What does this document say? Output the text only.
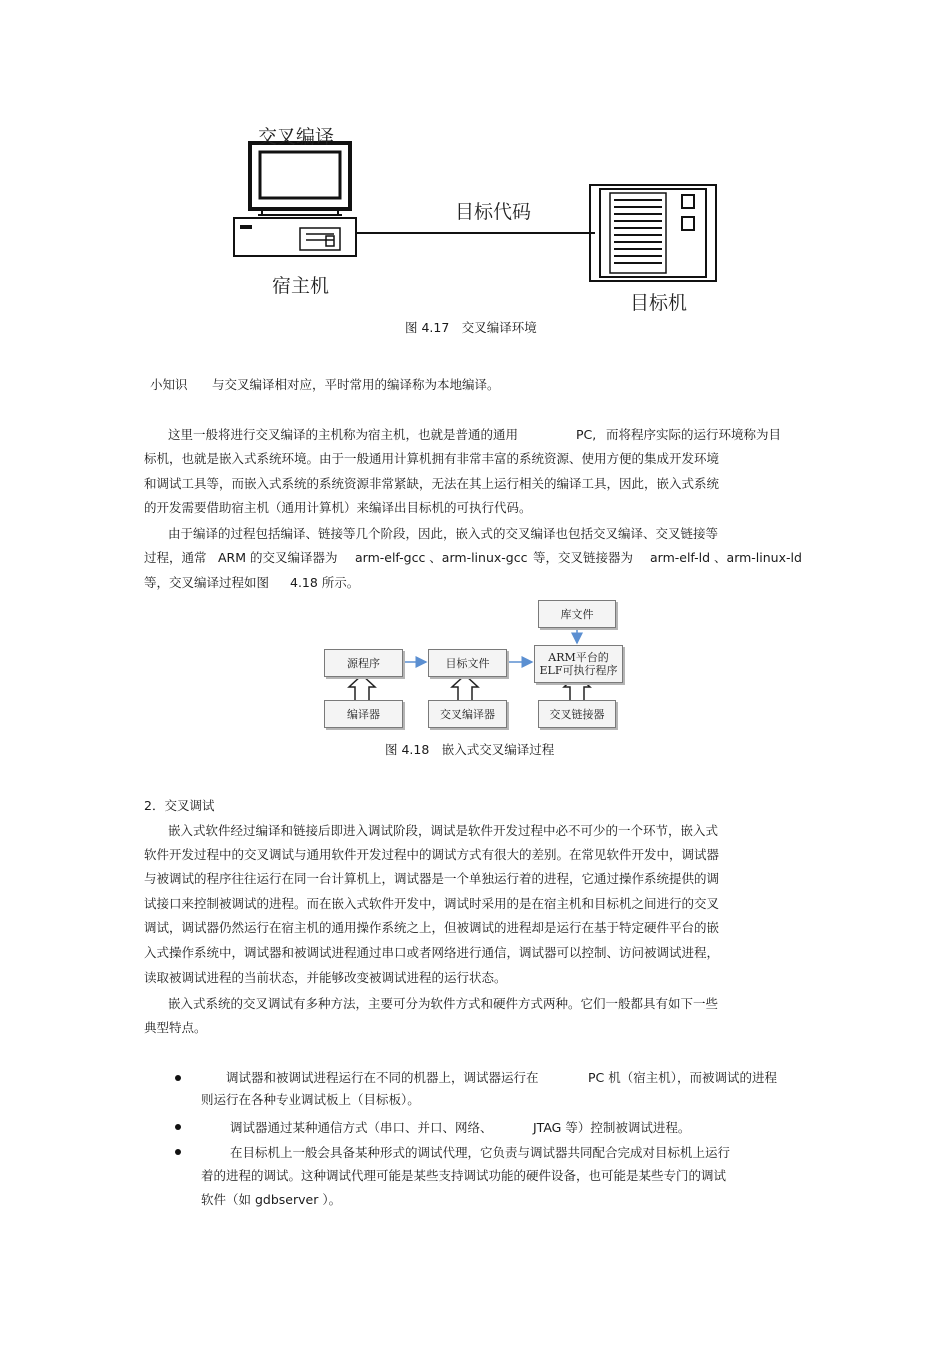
交叉编译
目标代码
宿主机
目标机
图 4.17　交叉编译环境
小知识 与交叉编译相对应，平时常用的编译称为本地编译。
这里一般将进行交叉编译的主机称为宿主机，也就是普通的通用	PC, 而将程序实际的运行环境称为目
标机，也就是嵌入式系统环境。由于一般通用计算机拥有非常丰富的系统资源、使用方便的集成开发环境
和调试工具等，而嵌入式系统的系统资源非常紧缺，无法在其上运行相关的编译工具，因此，嵌入式系统
的开发需要借助宿主机（通用计算机）来编译出目标机的可执行代码。
由于编译的过程包括编译、链接等几个阶段，因此，嵌入式的交叉编译也包括交叉编译、交叉链接等
过程，通常 ARM 的交叉编译器为 arm-elf-gcc 、arm-linux-gcc 等，交叉链接器为 arm-elf-ld 、arm-linux-ld
等，交叉编译过程如图 4.18 所示。
库文件
源程序	目标文件	ARM平台的
ELF可执行程序
编译器	交叉编译器	交叉链接器
图 4.18　嵌入式交叉编译过程
2．交叉调试
嵌入式软件经过编译和链接后即进入调试阶段，调试是软件开发过程中必不可少的一个环节，嵌入式
软件开发过程中的交叉调试与通用软件开发过程中的调试方式有很大的差别。在常见软件开发中，调试器
与被调试的程序往往运行在同一台计算机上，调试器是一个单独运行着的进程，它通过操作系统提供的调
试接口来控制被调试的进程。而在嵌入式软件开发中，调试时采用的是在宿主机和目标机之间进行的交叉
调试，调试器仍然运行在宿主机的通用操作系统之上，但被调试的进程却是运行在基于特定硬件平台的嵌
入式操作系统中，调试器和被调试进程通过串口或者网络进行通信，调试器可以控制、访问被调试进程，
读取被调试进程的当前状态，并能够改变被调试进程的运行状态。
嵌入式系统的交叉调试有多种方法，主要可分为软件方式和硬件方式两种。它们一般都具有如下一些
典型特点。
调试器和被调试进程运行在不同的机器上，调试器运行在	PC 机（宿主机），而被调试的进程
则运行在各种专业调试板上（目标板）。
调试器通过某种通信方式（串口、并口、网络、	JTAG 等）控制被调试进程。
在目标机上一般会具备某种形式的调试代理，它负责与调试器共同配合完成对目标机上运行
着的进程的调试。这种调试代理可能是某些支持调试功能的硬件设备，也可能是某些专门的调试
软件（如 gdbserver ）。
